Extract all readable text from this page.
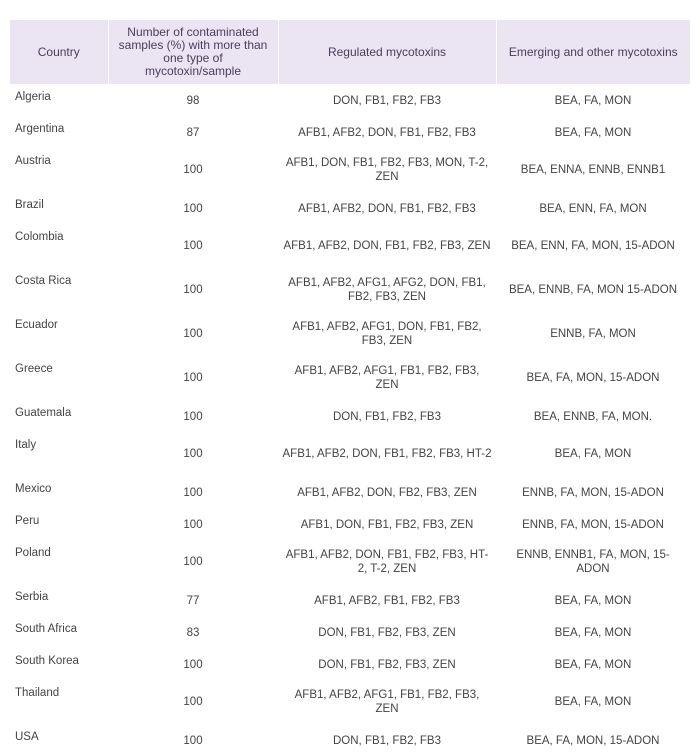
Country	Number of contaminated samples (%) with more than one type of mycotoxin/sample	Regulated mycotoxins	Emerging and other mycotoxins
Algeria	98	DON, FB1, FB2, FB3	BEA, FA, MON
Argentina	87	AFB1, AFB2, DON, FB1, FB2, FB3	BEA, FA, MON
Austria	100	AFB1, DON, FB1, FB2, FB3, MON, T-2, ZEN	BEA, ENNA, ENNB, ENNB1
Brazil	100	AFB1, AFB2, DON, FB1, FB2, FB3	BEA, ENN, FA, MON
Colombia	100	AFB1, AFB2, DON, FB1, FB2, FB3, ZEN	BEA, ENN, FA, MON, 15-ADON
Costa Rica	100	AFB1, AFB2, AFG1, AFG2, DON, FB1, FB2, FB3, ZEN	BEA, ENNB, FA, MON 15-ADON
Ecuador	100	AFB1, AFB2, AFG1, DON, FB1, FB2, FB3, ZEN	ENNB, FA, MON
Greece	100	AFB1, AFB2, AFG1, FB1, FB2, FB3, ZEN	BEA, FA, MON, 15-ADON
Guatemala	100	DON, FB1, FB2, FB3	BEA, ENNB, FA, MON.
Italy	100	AFB1, AFB2, DON, FB1, FB2, FB3, HT-2	BEA, FA, MON
Mexico	100	AFB1, AFB2, DON, FB2, FB3, ZEN	ENNB, FA, MON, 15-ADON
Peru	100	AFB1, DON, FB1, FB2, FB3, ZEN	ENNB, FA, MON, 15-ADON
Poland	100	AFB1, AFB2, DON, FB1, FB2, FB3, HT-2, T-2, ZEN	ENNB, ENNB1, FA, MON, 15-ADON
Serbia	77	AFB1, AFB2, FB1, FB2, FB3	BEA, FA, MON
South Africa	83	DON, FB1, FB2, FB3, ZEN	BEA, FA, MON
South Korea	100	DON, FB1, FB2, FB3, ZEN	BEA, FA, MON
Thailand	100	AFB1, AFB2, AFG1, FB1, FB2, FB3, ZEN	BEA, FA, MON
USA	100	DON, FB1, FB2, FB3	BEA, FA, MON, 15-ADON
